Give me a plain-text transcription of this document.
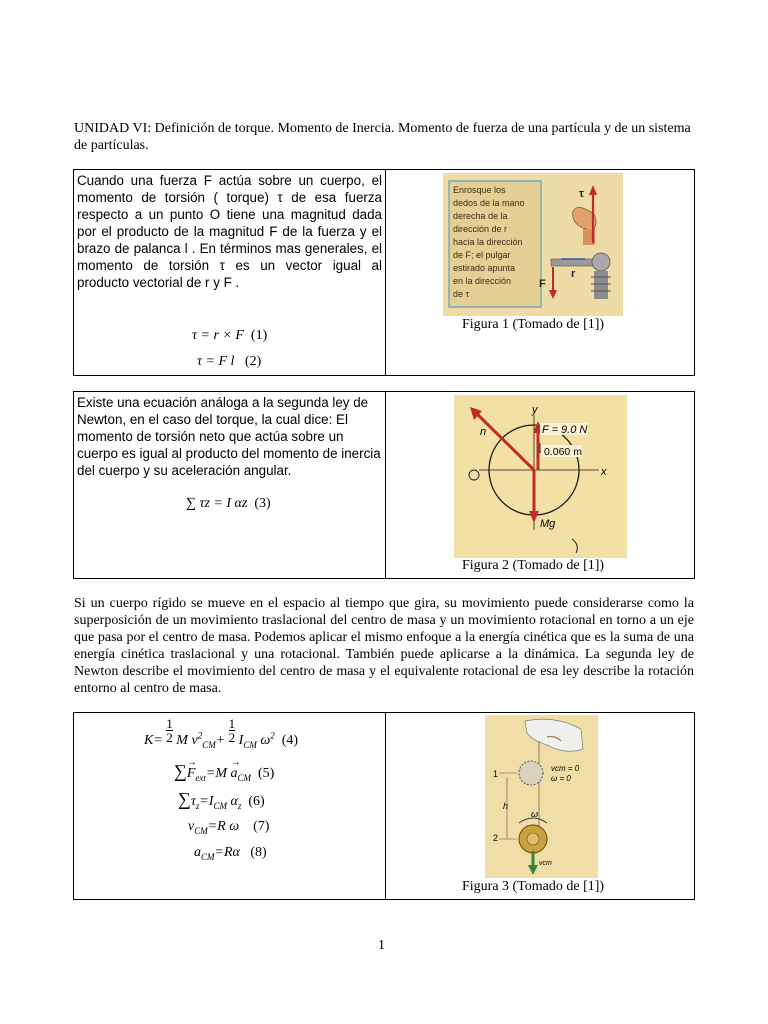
UNIDAD VI: Definición de torque. Momento de Inercia. Momento de fuerza de una partícula y de un sistema de partículas.

Cuando una fuerza F actúa sobre un cuerpo, el momento de torsión ( torque) τ de esa fuerza respecto a un punto O tiene una magnitud dada por el producto de la magnitud F de la fuerza y el brazo de palanca l . En términos mas generales, el momento de torsión τ es un vector igual al producto vectorial de r y F .

τ = r × F (1)
τ = F l (2)
Enrosque los
dedos de la mano
derecha de la
dirección de r
hacia la dirección
de F; el pulgar
estirado apunta
en la dirección
de τ
τ
F
r
Figura 1 (Tomado de [1])

Existe una ecuación análoga a la segunda ley de Newton, en el caso del torque, la cual dice: El momento de torsión neto que actúa sobre un cuerpo es igual al producto del momento de inercia del cuerpo y su aceleración angular.

∑ τz = I αz (3)
y
x
n	F = 9.0 N
0.060 m
Mg
Figura 2 (Tomado de [1])

Si un cuerpo rígido se mueve en el espacio al tiempo que gira, su movimiento puede considerarse como la superposición de un movimiento traslacional del centro de masa y un movimiento rotacional en torno a un eje que pasa por el centro de masa. Podemos aplicar el mismo enfoque a la energía cinética que es la suma de una energía cinética traslacional y una rotacional. También puede aplicarse a la dinámica. La segunda ley de Newton describe el movimiento del centro de masa y el equivalente rotacional de esa ley describe la rotación entorno al centro de masa.

K= 1
2 M $v^2_{CM}+ 1$
2 $I_{CM}$ $\omega^2$ (4)
∑→ $F_{ext}=M \to a_{CM}$ (5)
$\sum\tau_z=I_{CM}$ $\alpha_z$ (6)
$v_{CM}=R$ ω    (7)
$a_{CM}=R\alpha$   (8)
1
vcm = 0
ω = 0
h
2
ω
vcm
Figura 3 (Tomado de [1])
1
